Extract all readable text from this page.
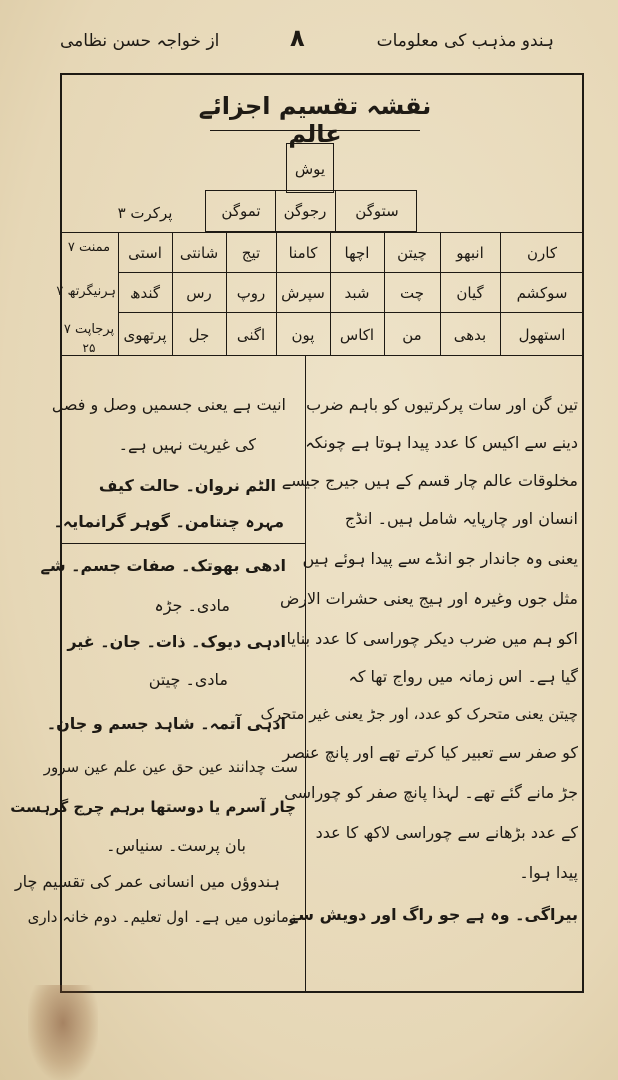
از خواجہ حسن نظامی	۸	ہندو مذہب کی معلومات
نقشہ تقسیم اجزائے عالم
یوش
ستوگن
رجوگن
تموگن
پرکرت ۳
کارن
سوکشم
استھول
انبھو
چیتن
اچھا
کامنا
تیج
شانتی
استی
گیان
چت
شبد
سپرش
روپ
رس
گندھ
بدھی
من
اکاس
پون
اگنی
جل
پرتھوی
ممنت ۷
ہرنیگرتھ ۷
پرجاپت ۷
۲۵
تین گن اور سات پرکرتیوں کو باہم ضرب
دینے سے اکیس کا عدد پیدا ہوتا ہے چونکہ
مخلوقات عالم چار قسم کے ہیں جیرج جیسے
انسان اور چارپایہ شامل ہیں۔ انڈج
یعنی وہ جاندار جو انڈے سے پیدا ہوئے ہیں
مثل جوں وغیرہ اور ہیج یعنی حشرات الارض
اکو ہم میں ضرب دیکر چوراسی کا عدد بنایا
گیا ہے۔ اس زمانہ میں رواج تھا کہ
چیتن یعنی متحرک کو عدد، اور جڑ یعنی غیر متحرک
کو صفر سے تعبیر کیا کرتے تھے اور پانچ عنصر
جڑ مانے گئے تھے۔ لہذا پانچ صفر کو چوراسی
کے عدد بڑھانے سے چوراسی لاکھ کا عدد
پیدا ہوا۔
بیراگی۔ وہ ہے جو راگ اور دویش سے
انیت ہے یعنی جسمیں وصل و فصل
کی غیریت نہیں ہے۔
الٹم نروان۔ حالت کیف
مہرہ چنتامن۔ گوہر گرانمایہ۔
ادھی بھوتک۔ صفات جسم۔ شے
مادی۔ جڑہ
ادہی دیوک۔ ذات۔ جان۔ غیر
مادی۔ چیتن
ادہی آتمہ۔ شاہد جسم و جان۔
ست چدانند عین حق عین علم عین سرور
چار آسرم یا دوستھا برہم چرج گرہست
بان پرست۔ سنیاس۔
ہندوؤں میں انسانی عمر کی تقسیم چار
زمانوں میں ہے۔ اول تعلیم۔ دوم خانہ داری
